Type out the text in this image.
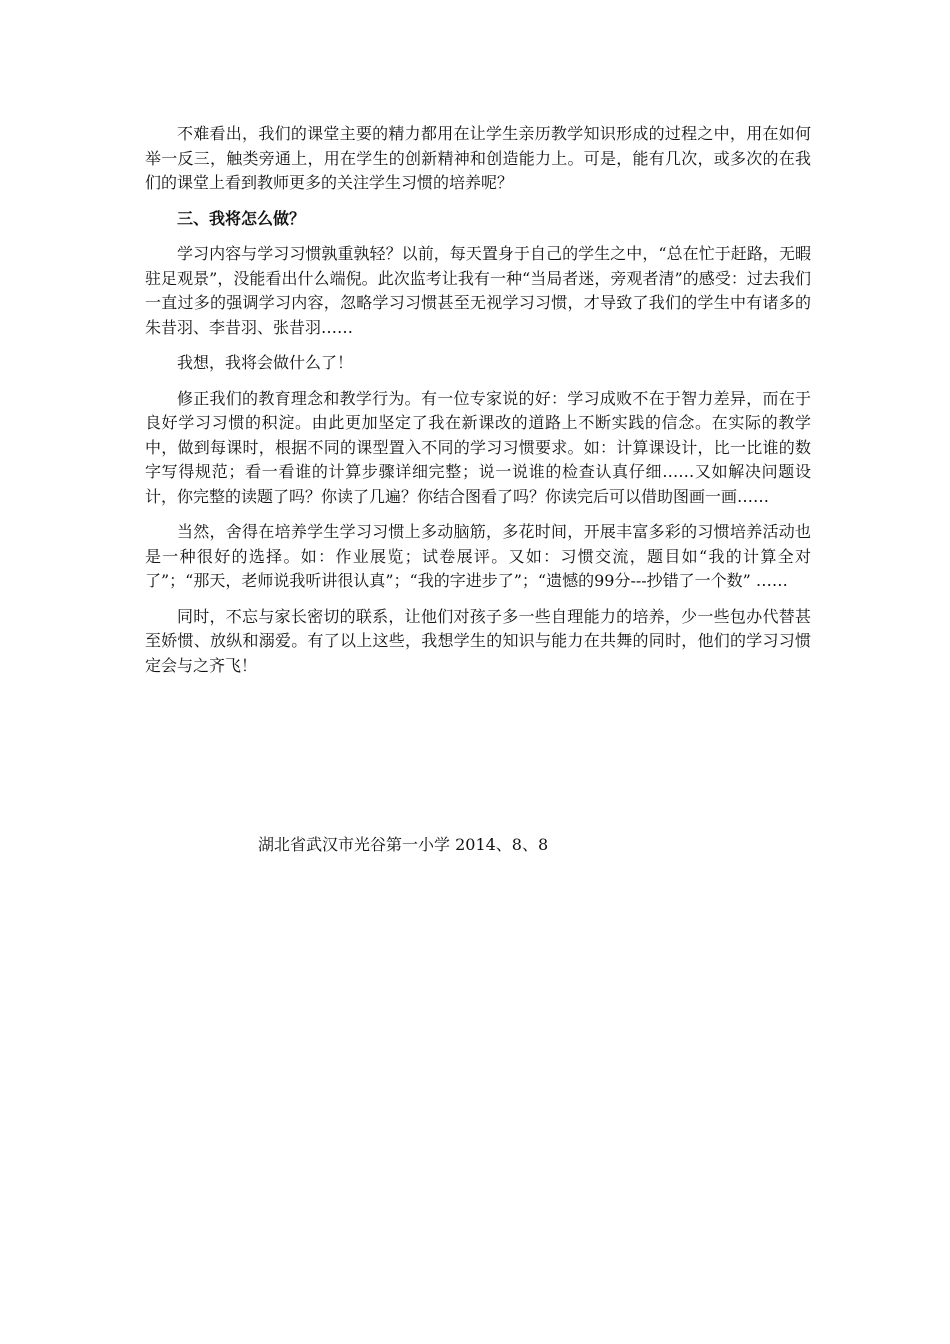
不难看出，我们的课堂主要的精力都用在让学生亲历教学知识形成的过程之中，用在如何举一反三，触类旁通上，用在学生的创新精神和创造能力上。可是，能有几次，或多次的在我们的课堂上看到教师更多的关注学生习惯的培养呢？

三、我将怎么做？

学习内容与学习习惯孰重孰轻？以前，每天置身于自己的学生之中，“总在忙于赶路，无暇驻足观景”，没能看出什么端倪。此次监考让我有一种“当局者迷，旁观者清”的感受：过去我们一直过多的强调学习内容，忽略学习习惯甚至无视学习习惯，才导致了我们的学生中有诸多的朱昔羽、李昔羽、张昔羽……

我想，我将会做什么了！

修正我们的教育理念和教学行为。有一位专家说的好：学习成败不在于智力差异，而在于良好学习习惯的积淀。由此更加坚定了我在新课改的道路上不断实践的信念。在实际的教学中，做到每课时，根据不同的课型置入不同的学习习惯要求。如：计算课设计，比一比谁的数字写得规范；看一看谁的计算步骤详细完整；说一说谁的检查认真仔细……又如解决问题设计，你完整的读题了吗？你读了几遍？你结合图看了吗？你读完后可以借助图画一画……

当然，舍得在培养学生学习习惯上多动脑筋，多花时间，开展丰富多彩的习惯培养活动也是一种很好的选择。如：作业展览；试卷展评。又如：习惯交流，题目如“我的计算全对了”；“那天，老师说我听讲很认真”；“我的字进步了”；“遗憾的99分---抄错了一个数” ……

同时，不忘与家长密切的联系，让他们对孩子多一些自理能力的培养，少一些包办代替甚至娇惯、放纵和溺爱。有了以上这些，我想学生的知识与能力在共舞的同时，他们的学习习惯定会与之齐飞！

湖北省武汉市光谷第一小学 2014、8、8
